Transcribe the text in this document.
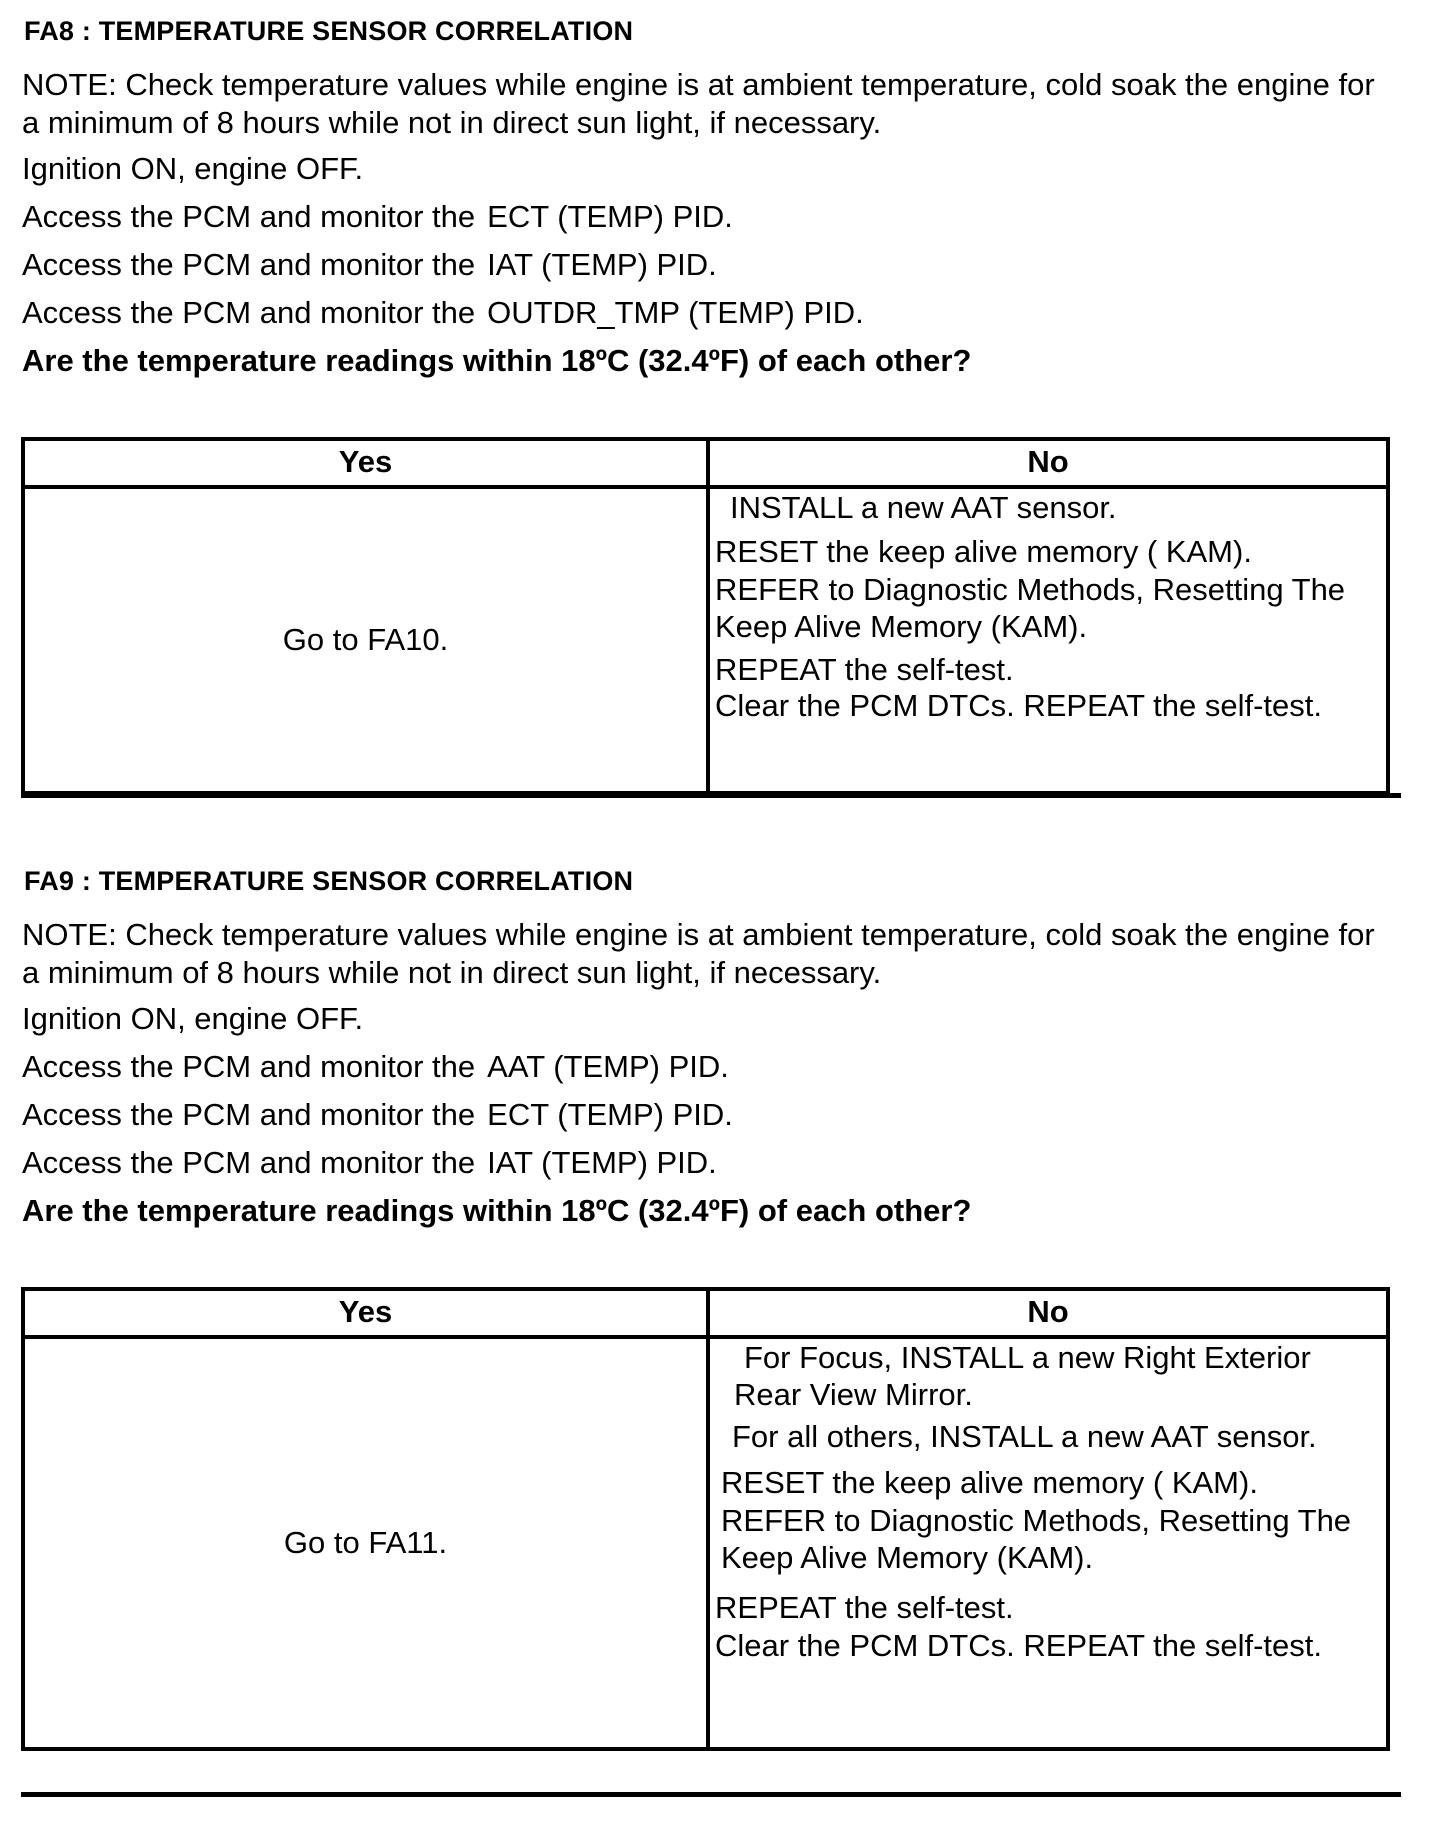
FA8 : TEMPERATURE SENSOR CORRELATION
NOTE: Check temperature values while engine is at ambient temperature, cold soak the engine for a minimum of 8 hours while not in direct sun light, if necessary.
Ignition ON, engine OFF.
Access the PCM and monitor the ECT (TEMP) PID.
Access the PCM and monitor the IAT (TEMP) PID.
Access the PCM and monitor the OUTDR_TMP (TEMP) PID.
Are the temperature readings within 18ºC (32.4ºF) of each other?
Yes	No
Go to FA10.
INSTALL a new AAT sensor.
RESET the keep alive memory ( KAM).
REFER to Diagnostic Methods, Resetting The
Keep Alive Memory (KAM).
REPEAT the self-test.
Clear the PCM DTCs. REPEAT the self-test.
FA9 : TEMPERATURE SENSOR CORRELATION
NOTE: Check temperature values while engine is at ambient temperature, cold soak the engine for a minimum of 8 hours while not in direct sun light, if necessary.
Ignition ON, engine OFF.
Access the PCM and monitor the AAT (TEMP) PID.
Access the PCM and monitor the ECT (TEMP) PID.
Access the PCM and monitor the IAT (TEMP) PID.
Are the temperature readings within 18ºC (32.4ºF) of each other?
Yes	No
Go to FA11.
For Focus, INSTALL a new Right Exterior
Rear View Mirror.
For all others, INSTALL a new AAT sensor.
RESET the keep alive memory ( KAM).
REFER to Diagnostic Methods, Resetting The
Keep Alive Memory (KAM).
REPEAT the self-test.
Clear the PCM DTCs. REPEAT the self-test.
